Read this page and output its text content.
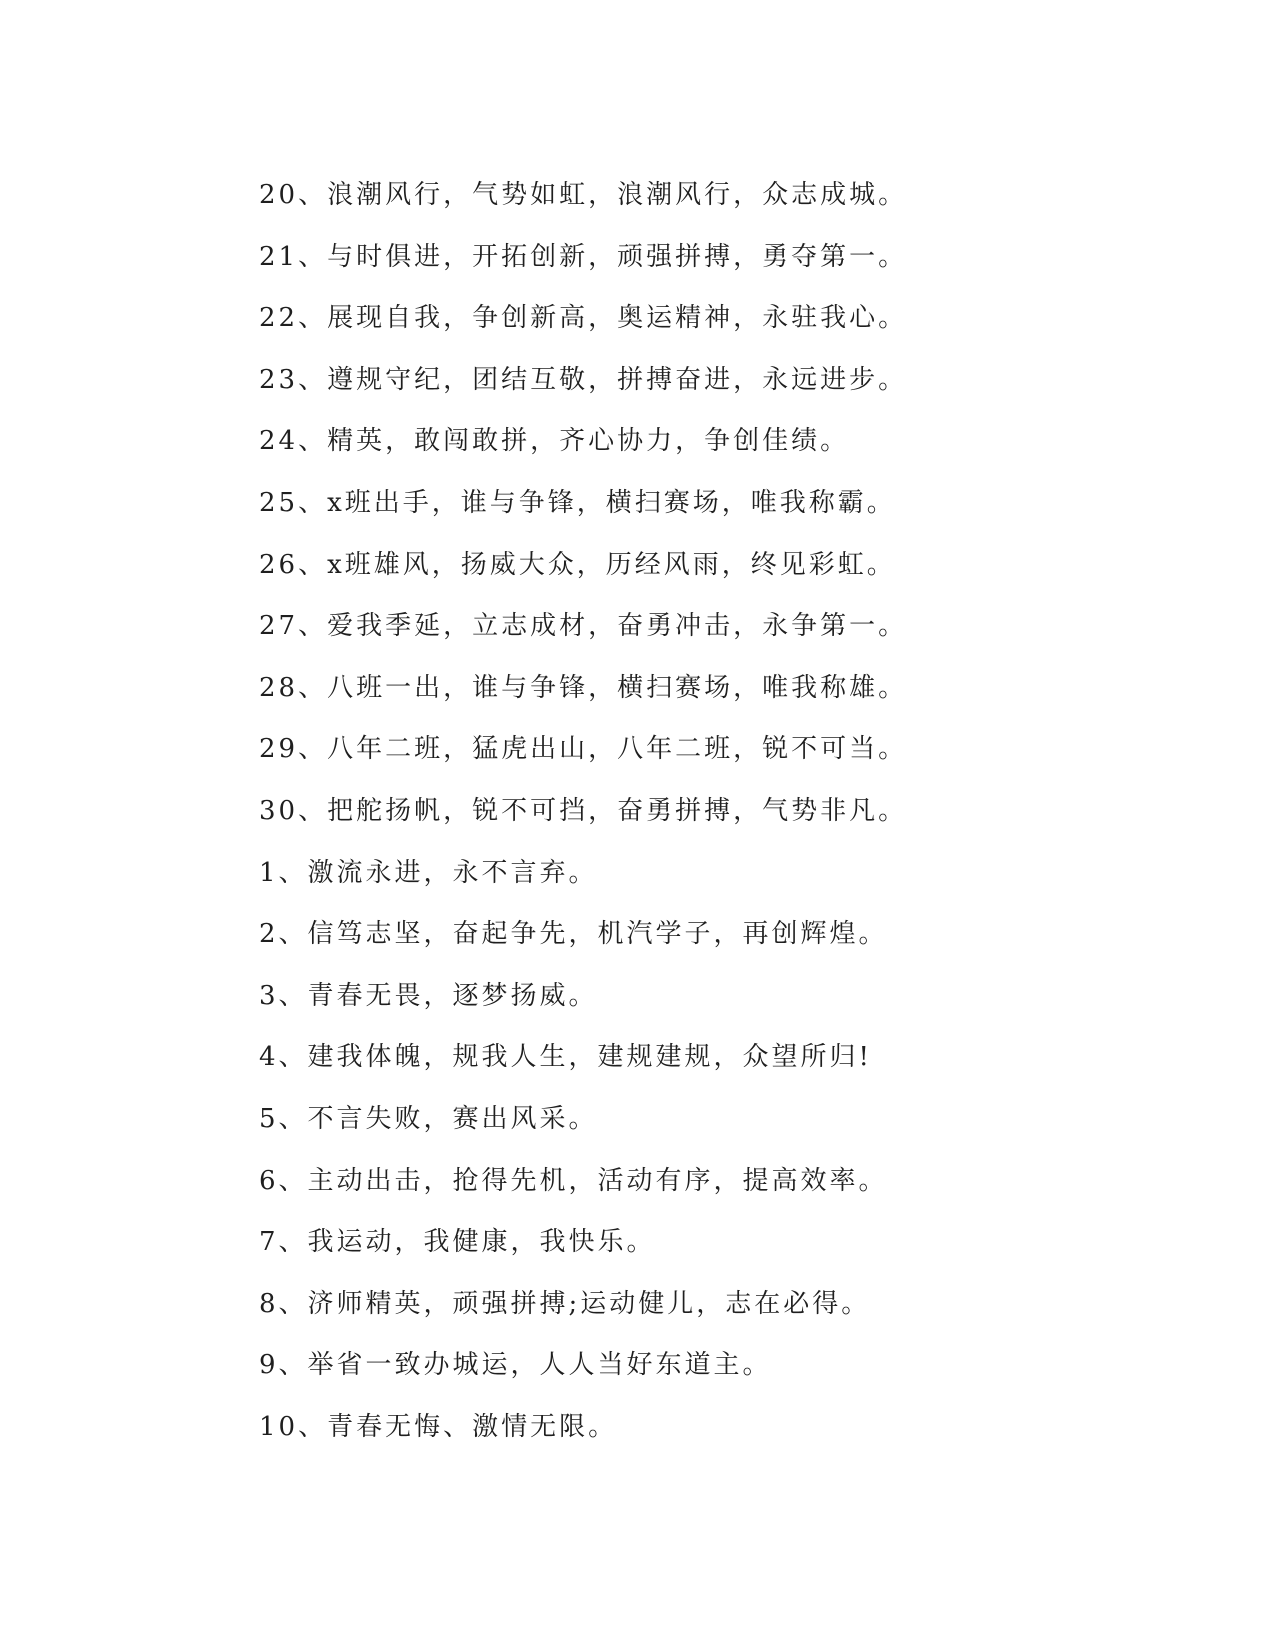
20、浪潮风行，气势如虹，浪潮风行，众志成城。
21、与时俱进，开拓创新，顽强拼搏，勇夺第一。
22、展现自我，争创新高，奥运精神，永驻我心。
23、遵规守纪，团结互敬，拼搏奋进，永远进步。
24、精英，敢闯敢拼，齐心协力，争创佳绩。
25、x班出手，谁与争锋，横扫赛场，唯我称霸。
26、x班雄风，扬威大众，历经风雨，终见彩虹。
27、爱我季延，立志成材，奋勇冲击，永争第一。
28、八班一出，谁与争锋，横扫赛场，唯我称雄。
29、八年二班，猛虎出山，八年二班，锐不可当。
30、把舵扬帆，锐不可挡，奋勇拼搏，气势非凡。
1、激流永进，永不言弃。
2、信笃志坚，奋起争先，机汽学子，再创辉煌。
3、青春无畏，逐梦扬威。
4、建我体魄，规我人生，建规建规，众望所归!
5、不言失败，赛出风采。
6、主动出击，抢得先机，活动有序，提高效率。
7、我运动，我健康，我快乐。
8、济师精英，顽强拼搏;运动健儿，志在必得。
9、举省一致办城运，人人当好东道主。
10、青春无悔、激情无限。
